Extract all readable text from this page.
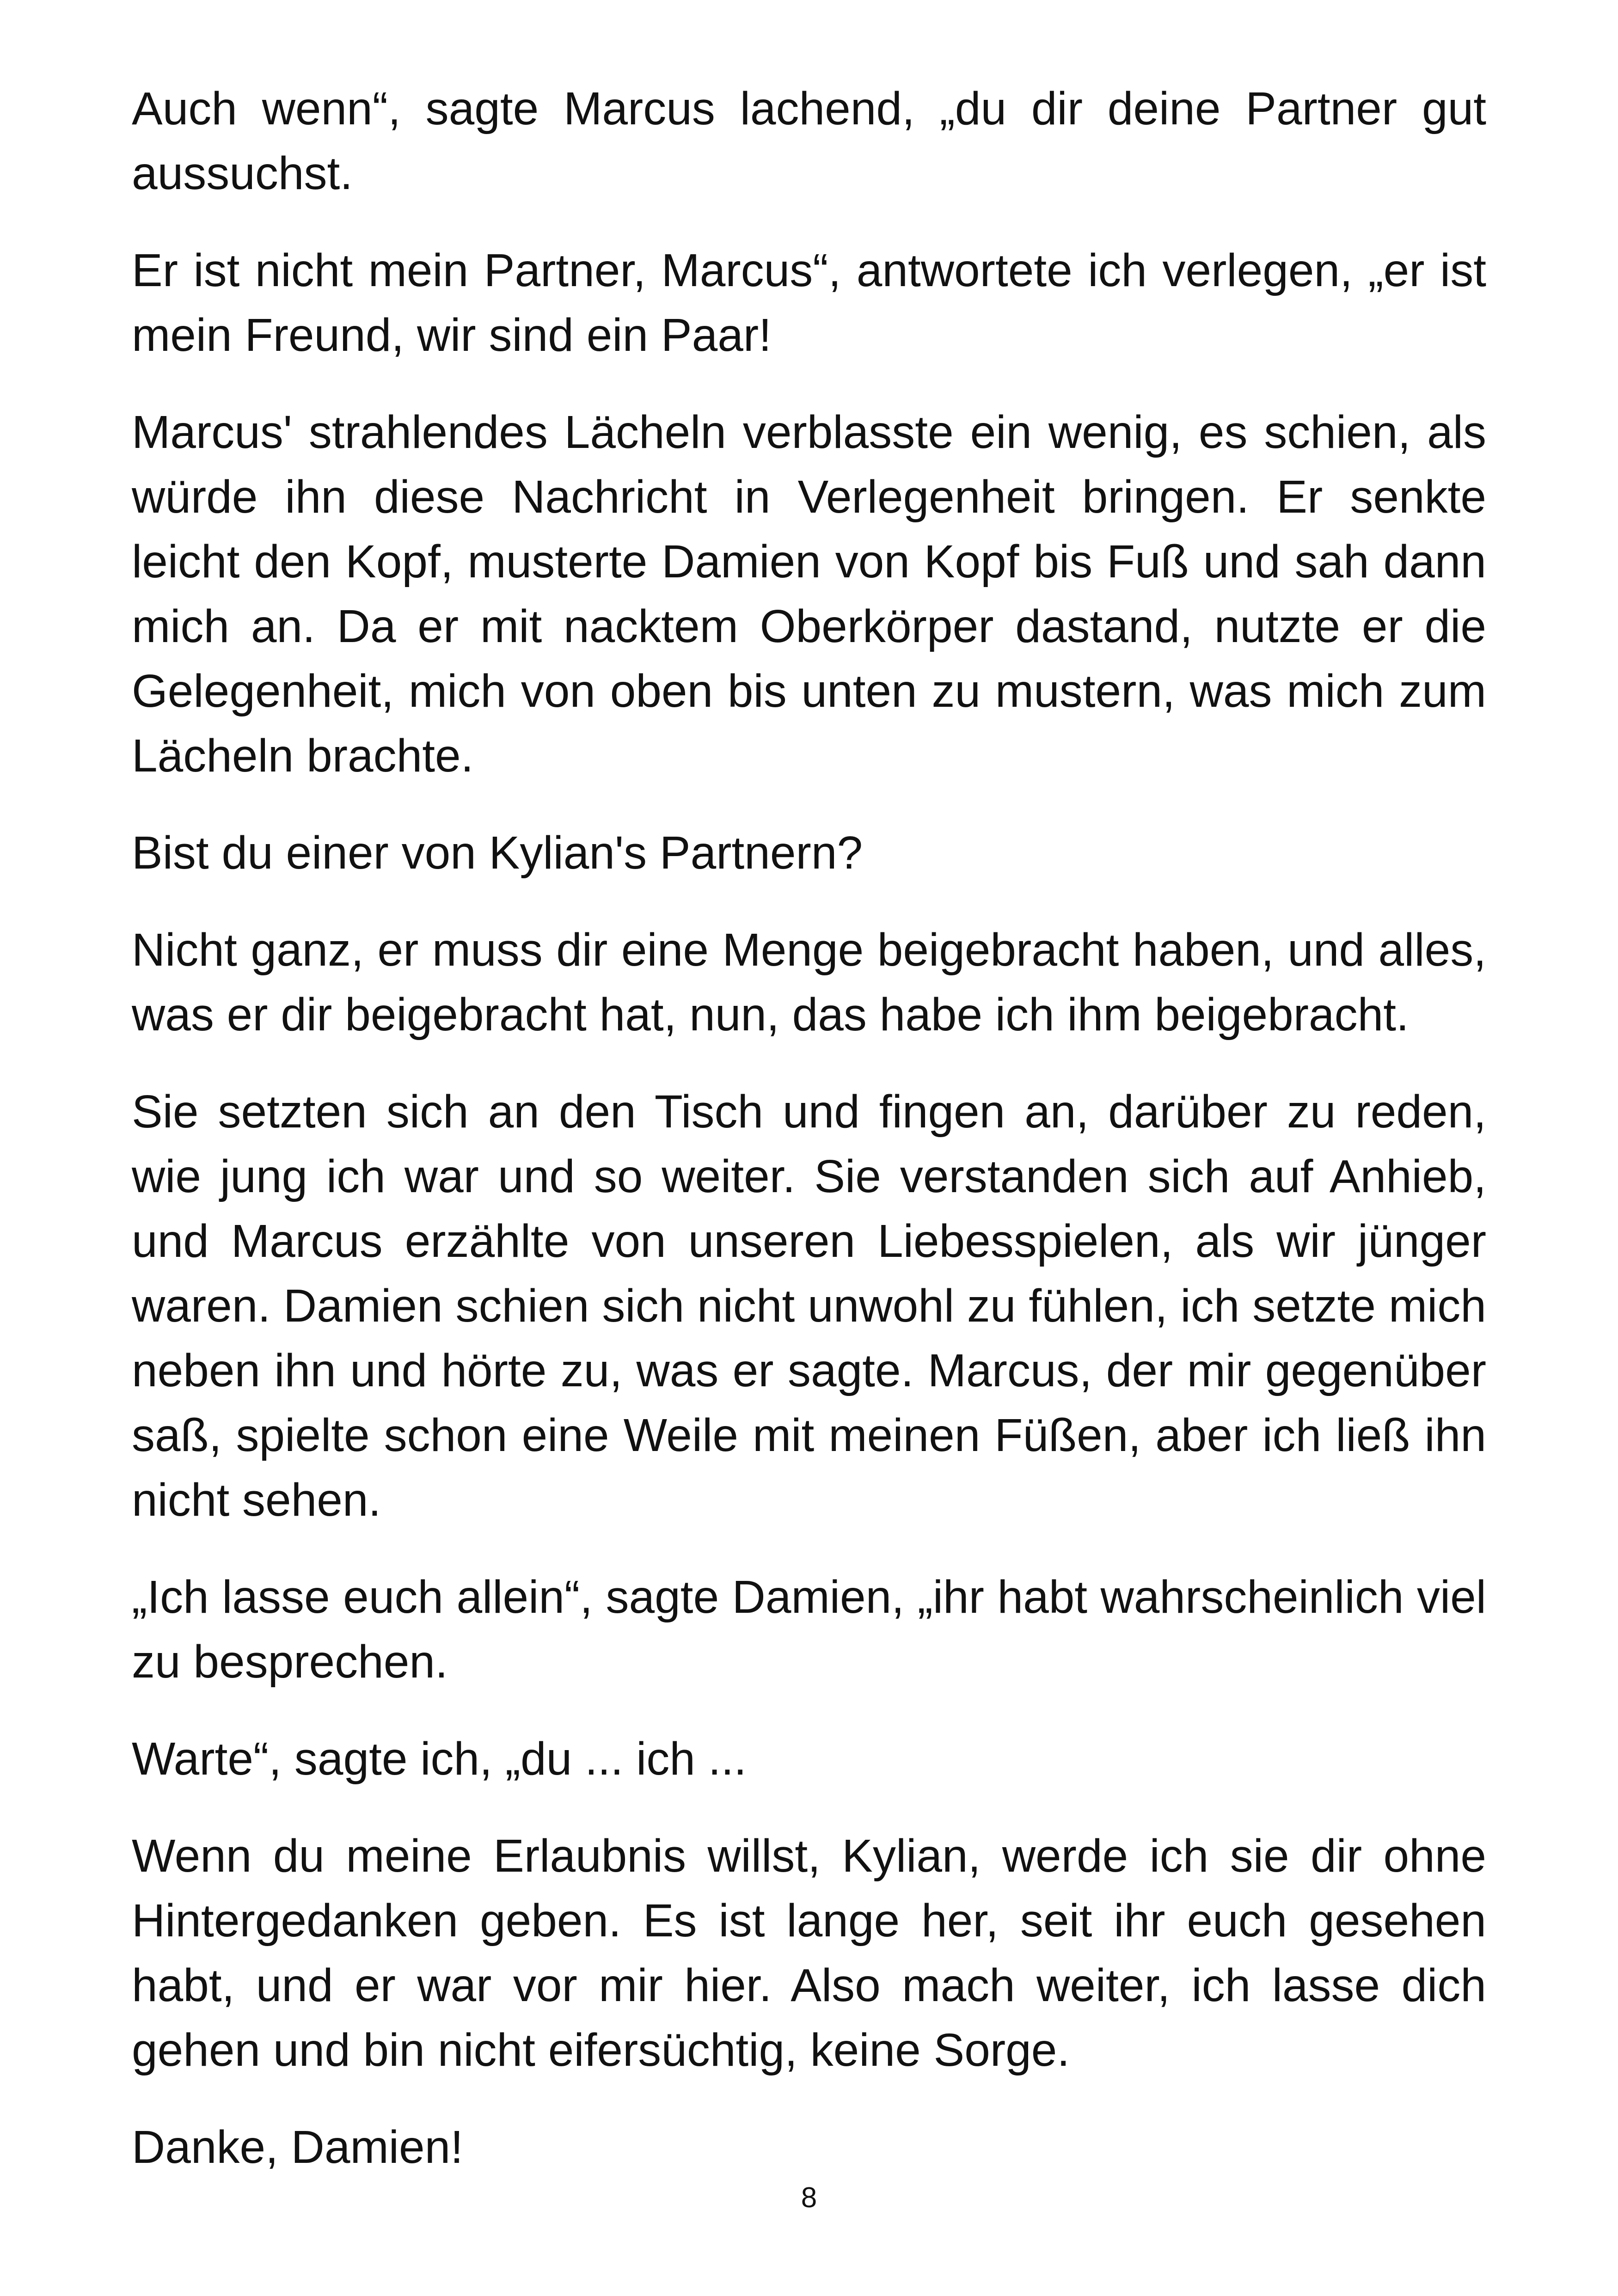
Auch wenn“, sagte Marcus lachend, „du dir deine Partner gut aussuchst.

Er ist nicht mein Partner, Marcus“, antwortete ich verlegen, „er ist mein Freund, wir sind ein Paar!

Marcus' strahlendes Lächeln verblasste ein wenig, es schien, als würde ihn diese Nachricht in Verlegenheit bringen. Er senkte leicht den Kopf, musterte Damien von Kopf bis Fuß und sah dann mich an. Da er mit nacktem Oberkörper dastand, nutzte er die Gelegenheit, mich von oben bis unten zu mustern, was mich zum Lächeln brachte.

Bist du einer von Kylian's Partnern?

Nicht ganz, er muss dir eine Menge beigebracht haben, und alles, was er dir beigebracht hat, nun, das habe ich ihm beigebracht.

Sie setzten sich an den Tisch und fingen an, darüber zu reden, wie jung ich war und so weiter. Sie verstanden sich auf Anhieb, und Marcus erzählte von unseren Liebesspielen, als wir jünger waren. Damien schien sich nicht unwohl zu fühlen, ich setzte mich neben ihn und hörte zu, was er sagte. Marcus, der mir gegenüber saß, spielte schon eine Weile mit meinen Füßen, aber ich ließ ihn nicht sehen.

„Ich lasse euch allein“, sagte Damien, „ihr habt wahrscheinlich viel zu besprechen.

Warte“, sagte ich, „du ... ich ...

Wenn du meine Erlaubnis willst, Kylian, werde ich sie dir ohne Hintergedanken geben. Es ist lange her, seit ihr euch gesehen habt, und er war vor mir hier. Also mach weiter, ich lasse dich gehen und bin nicht eifersüchtig, keine Sorge.

Danke, Damien!

8
